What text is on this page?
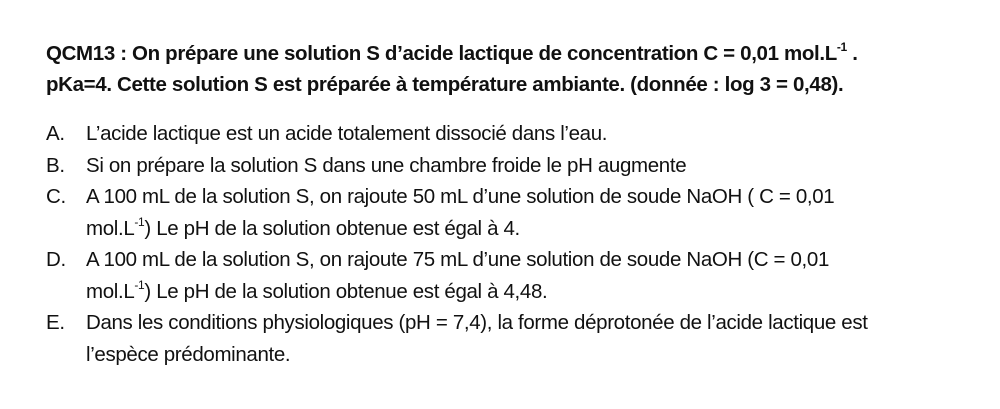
QCM13 : On prépare une solution S d’acide lactique de concentration C = 0,01 $mol.L^{-1}$ .
pKa=4. Cette solution S est préparée à température ambiante. (donnée : log 3 = 0,48).
A. L’acide lactique est un acide totalement dissocié dans l’eau.
B. Si on prépare la solution S dans une chambre froide le pH augmente
C. A 100 mL de la solution S, on rajoute 50 mL d’une solution de soude NaOH ( C = 0,01
$mol.L^{-1}$) Le pH de la solution obtenue est égal à 4.
D. A 100 mL de la solution S, on rajoute 75 mL d’une solution de soude NaOH (C = 0,01
$mol.L^{-1}$) Le pH de la solution obtenue est égal à 4,48.
E. Dans les conditions physiologiques (pH = 7,4), la forme déprotonée de l’acide lactique est
l’espèce prédominante.
